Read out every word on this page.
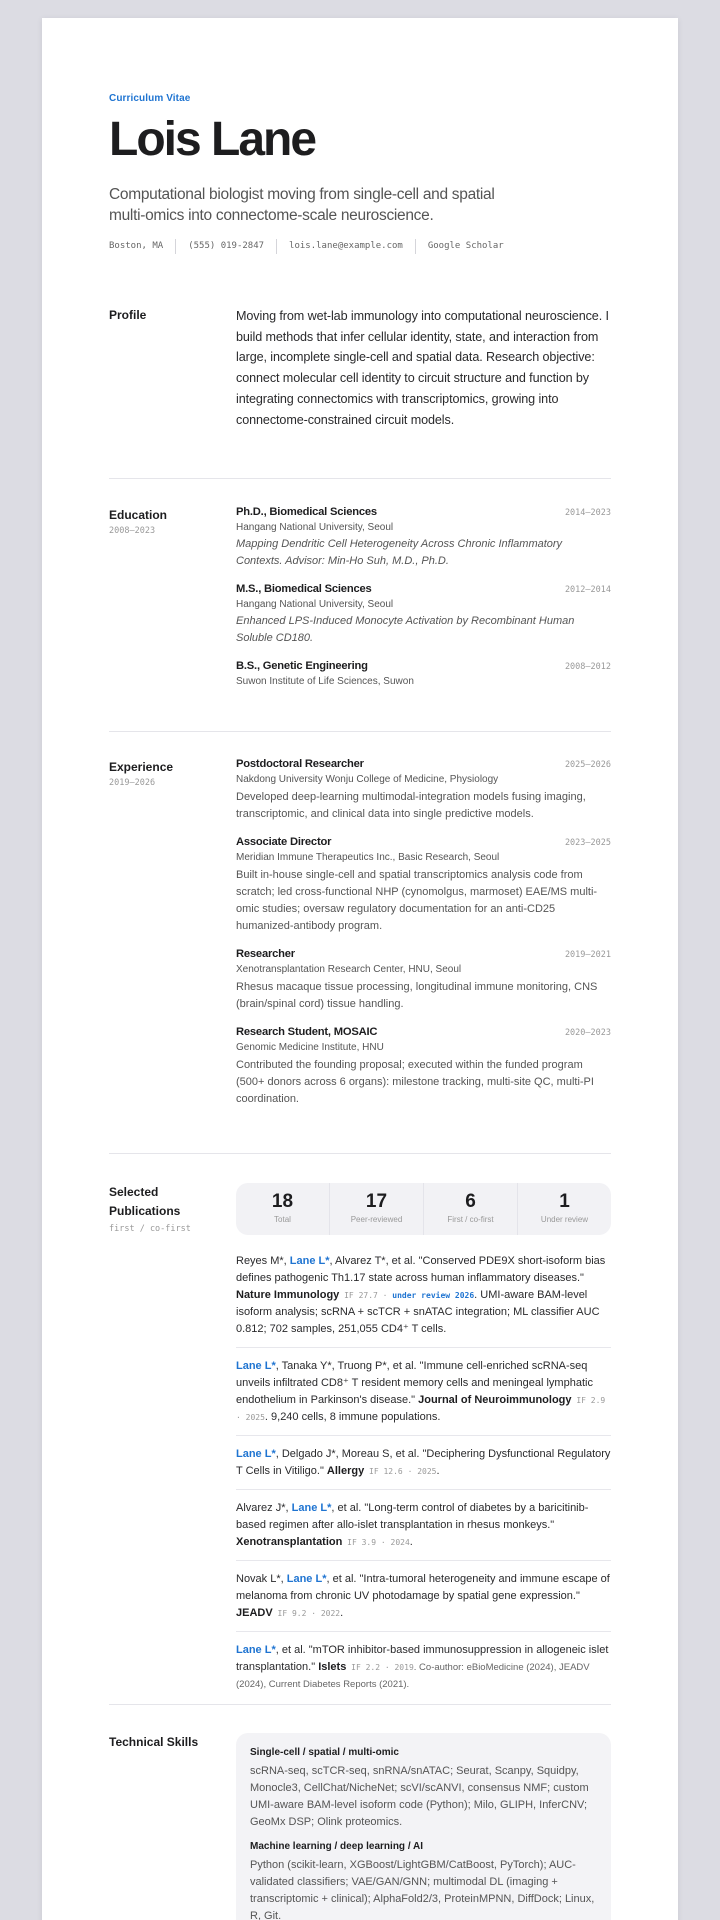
Curriculum Vitae
Lois Lane
Computational biologist moving from single-cell and spatial multi-omics into connectome-scale neuroscience.
Boston, MA	(555) 019-2847	lois.lane@example.com	Google Scholar
Profile	Moving from wet-lab immunology into computational neuroscience. I build methods that infer cellular identity, state, and interaction from large, incomplete single-cell and spatial data. Research objective: connect molecular cell identity to circuit structure and function by integrating connectomics with transcriptomics, growing into connectome-constrained circuit models.

Education
2008–2023
Ph.D., Biomedical Sciences	2014–2023
Hangang National University, Seoul
Mapping Dendritic Cell Heterogeneity Across Chronic Inflammatory Contexts. Advisor: Min-Ho Suh, M.D., Ph.D.
M.S., Biomedical Sciences	2012–2014
Hangang National University, Seoul
Enhanced LPS-Induced Monocyte Activation by Recombinant Human Soluble CD180.
B.S., Genetic Engineering	2008–2012
Suwon Institute of Life Sciences, Suwon
Experience
2019–2026
Postdoctoral Researcher	2025–2026
Nakdong University Wonju College of Medicine, Physiology
Developed deep-learning multimodal-integration models fusing imaging, transcriptomic, and clinical data into single predictive models.
Associate Director	2023–2025
Meridian Immune Therapeutics Inc., Basic Research, Seoul
Built in-house single-cell and spatial transcriptomics analysis code from scratch; led cross-functional NHP (cynomolgus, marmoset) EAE/MS multi-omic studies; oversaw regulatory documentation for an anti-CD25 humanized-antibody program.
Researcher	2019–2021
Xenotransplantation Research Center, HNU, Seoul
Rhesus macaque tissue processing, longitudinal immune monitoring, CNS (brain/spinal cord) tissue handling.
Research Student, MOSAIC	2020–2023
Genomic Medicine Institute, HNU
Contributed the founding proposal; executed within the funded program (500+ donors across 6 organs): milestone tracking, multi-site QC, multi-PI coordination.
Selected Publications
first / co-first
18
Total
17
Peer-reviewed
6
First / co-first
1
Under review
Reyes M*, Lane L*, Alvarez T*, et al. "Conserved PDE9X short-isoform bias defines pathogenic Th1.17 state across human inflammatory diseases." Nature Immunology IF 27.7 · under review 2026. UMI-aware BAM-level isoform analysis; scRNA + scTCR + snATAC integration; ML classifier AUC 0.812; 702 samples, 251,055 CD4⁺ T cells.
Lane L*, Tanaka Y*, Truong P*, et al. "Immune cell-enriched scRNA-seq unveils infiltrated CD8⁺ T resident memory cells and meningeal lymphatic endothelium in Parkinson's disease." Journal of Neuroimmunology IF 2.9 · 2025. 9,240 cells, 8 immune populations.
Lane L*, Delgado J*, Moreau S, et al. "Deciphering Dysfunctional Regulatory T Cells in Vitiligo." Allergy IF 12.6 · 2025.
Alvarez J*, Lane L*, et al. "Long-term control of diabetes by a baricitinib-based regimen after allo-islet transplantation in rhesus monkeys." Xenotransplantation IF 3.9 · 2024.
Novak L*, Lane L*, et al. "Intra-tumoral heterogeneity and immune escape of melanoma from chronic UV photodamage by spatial gene expression." JEADV IF 9.2 · 2022.
Lane L*, et al. "mTOR inhibitor-based immunosuppression in allogeneic islet transplantation." Islets IF 2.2 · 2019. Co-author: eBioMedicine (2024), JEADV (2024), Current Diabetes Reports (2021).
Technical Skills
Single-cell / spatial / multi-omic
scRNA-seq, scTCR-seq, snRNA/snATAC; Seurat, Scanpy, Squidpy, Monocle3, CellChat/NicheNet; scVI/scANVI, consensus NMF; custom UMI-aware BAM-level isoform code (Python); Milo, GLIPH, InferCNV; GeoMx DSP; Olink proteomics.
Machine learning / deep learning / AI
Python (scikit-learn, XGBoost/LightGBM/CatBoost, PyTorch); AUC-validated classifiers; VAE/GAN/GNN; multimodal DL (imaging + transcriptomic + clinical); AlphaFold2/3, ProteinMPNN, DiffDock; Linux, R, Git.
